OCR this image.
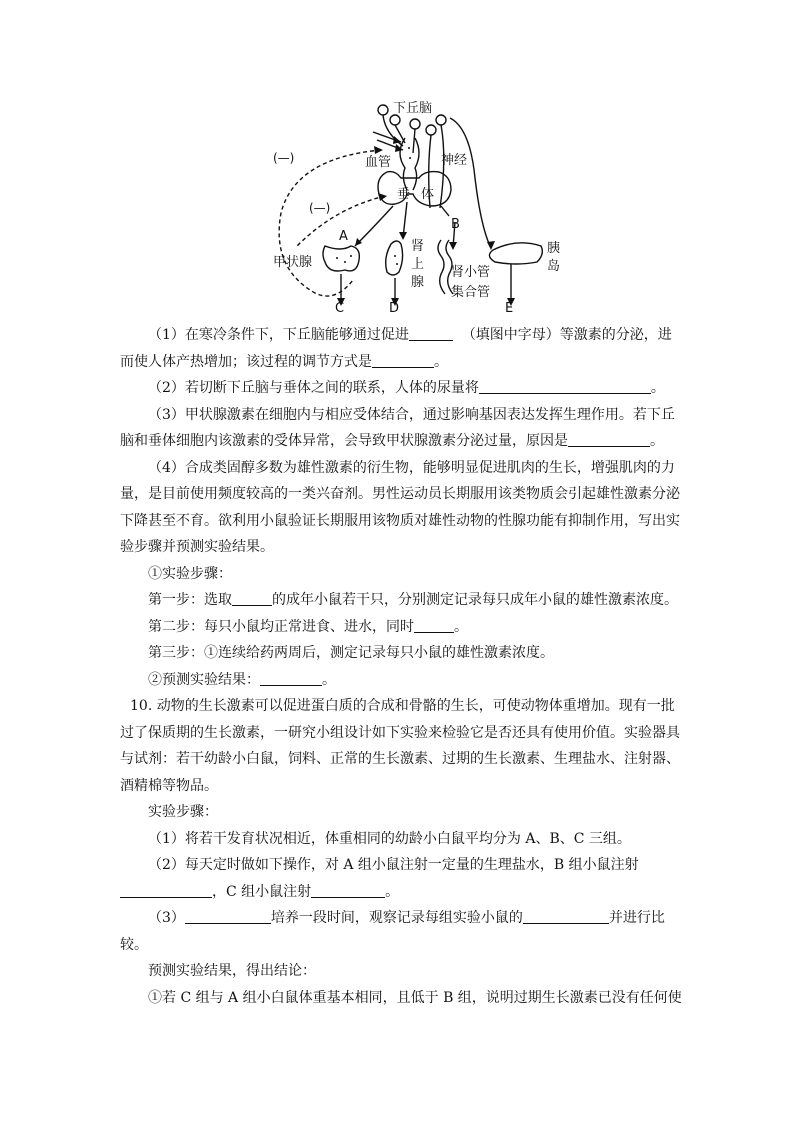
下丘脑
血管	神经
垂 体
(—)
(—)
A
B
C	D	E
甲状腺
肾
上
腺
肾小管
集合管
胰
岛
（1）在寒冷条件下，下丘脑能够通过促进	（填图中字母）等激素的分泌，进
而使人体产热增加；该过程的调节方式是	。
（2）若切断下丘脑与垂体之间的联系，人体的尿量将	。
（3）甲状腺激素在细胞内与相应受体结合，通过影响基因表达发挥生理作用。若下丘
脑和垂体细胞内该激素的受体异常，会导致甲状腺激素分泌过量，原因是	。
（4）合成类固醇多数为雄性激素的衍生物，能够明显促进肌肉的生长，增强肌肉的力
量，是目前使用频度较高的一类兴奋剂。男性运动员长期服用该类物质会引起雄性激素分泌
下降甚至不育。欲利用小鼠验证长期服用该物质对雄性动物的性腺功能有抑制作用，写出实
验步骤并预测实验结果。
①实验步骤：
第一步：选取	的成年小鼠若干只，分别测定记录每只成年小鼠的雄性激素浓度。
第二步：每只小鼠均正常进食、进水，同时	。
第三步：①连续给药两周后，测定记录每只小鼠的雄性激素浓度。
②预测实验结果：	。
10. 动物的生长激素可以促进蛋白质的合成和骨骼的生长，可使动物体重增加。现有一批
过了保质期的生长激素，一研究小组设计如下实验来检验它是否还具有使用价值。实验器具
与试剂：若干幼龄小白鼠，饲料、正常的生长激素、过期的生长激素、生理盐水、注射器、
酒精棉等物品。
实验步骤：
（1）将若干发育状况相近，体重相同的幼龄小白鼠平均分为 A、B、C 三组。
（2）每天定时做如下操作，对 A 组小鼠注射一定量的生理盐水，B 组小鼠注射
，C 组小鼠注射	。
（3）	培养一段时间，观察记录每组实验小鼠的	并进行比
较。
预测实验结果，得出结论：
①若 C 组与 A 组小白鼠体重基本相同，且低于 B 组，说明过期生长激素已没有任何使
